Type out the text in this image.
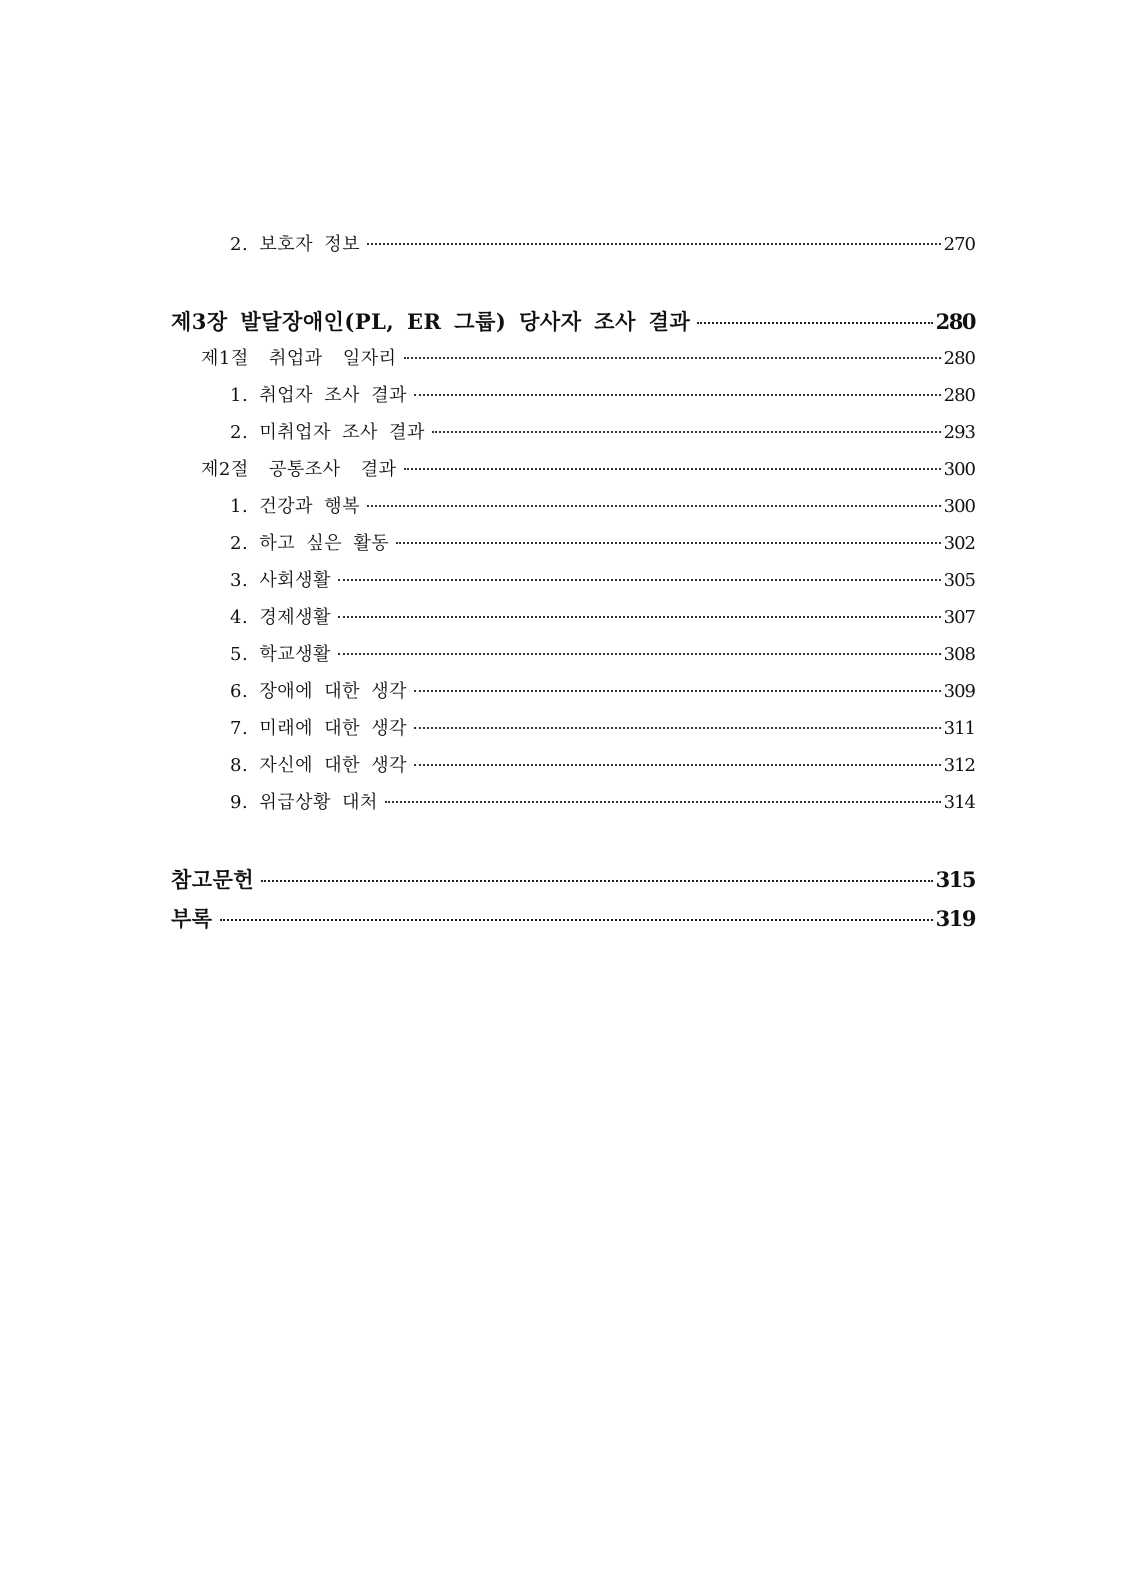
2. 보호자 정보	270
제3장 발달장애인(PL, ER 그룹) 당사자 조사 결과	280
제1절 취업과 일자리	280
1. 취업자 조사 결과	280
2. 미취업자 조사 결과	293
제2절 공통조사 결과	300
1. 건강과 행복	300
2. 하고 싶은 활동	302
3. 사회생활	305
4. 경제생활	307
5. 학교생활	308
6. 장애에 대한 생각	309
7. 미래에 대한 생각	311
8. 자신에 대한 생각	312
9. 위급상황 대처	314
참고문헌	315
부록	319
